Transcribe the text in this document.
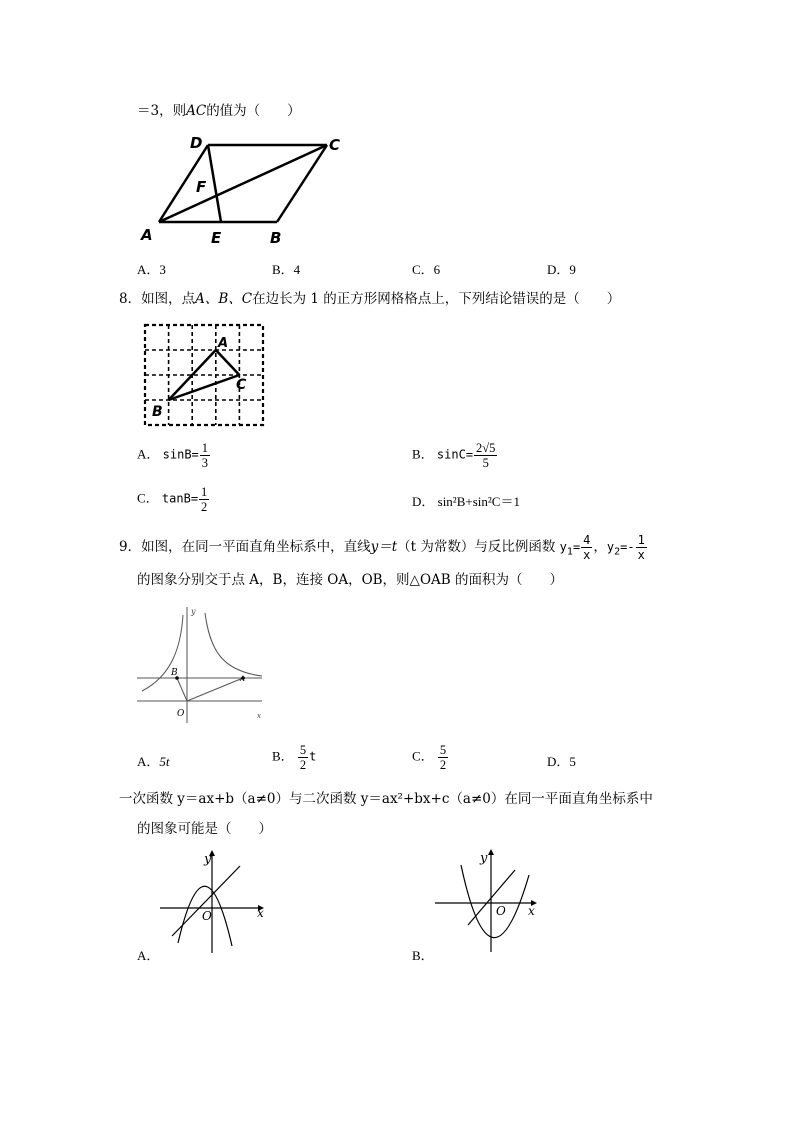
＝3，则AC的值为（　　）
D	C
F
A	E	B
A．3	B．4	C．6	D．9
8．如图，点A、B、C在边长为 1 的正方形网格格点上，下列结论错误的是（　　）
A
C
B
A． $\sin B= \frac{1}{3}$	B． $\sin C= \frac{2√5}{5}$
C． $\tan B= \frac{1}{2}$	D． sin²B+sin²C＝1
9．如图，在同一平面直角坐标系中，直线y＝t（t 为常数）与反比例函数 $y_1= \frac{4}{x}$ ，$y_2=- \frac{1}{x}$
的图象分别交于点 A，B，连接 OA，OB，则△OAB 的面积为（　　）
y
B
A
O	x
A．5t	B． $\frac{5}{2}$ t	C． $\frac{5}{2}$	D．5
一次函数 y＝ax+b（a≠0）与二次函数 y＝ax²+bx+c（a≠0）在同一平面直角坐标系中
的图象可能是（　　）
y
x
O
A．
y
x
O
B．
